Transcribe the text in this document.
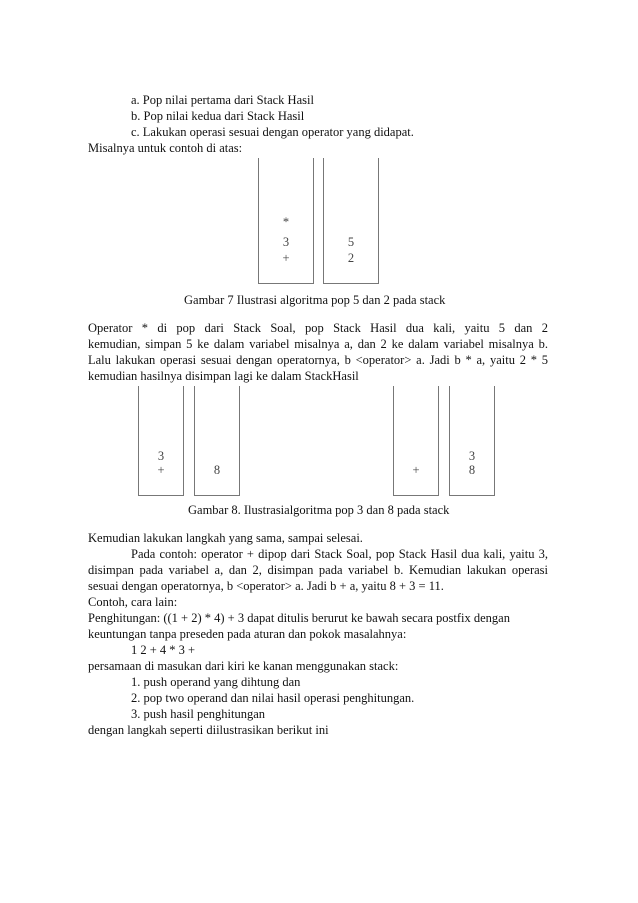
a. Pop nilai pertama dari Stack Hasil
b. Pop nilai kedua dari Stack Hasil
c. Lakukan operasi sesuai dengan operator yang didapat.
Misalnya untuk contoh di atas:
*
3
+
5
2
Gambar 7 Ilustrasi algoritma pop 5 dan 2 pada stack
Operator * di pop dari Stack Soal, pop Stack Hasil dua kali, yaitu 5 dan 2
kemudian, simpan 5 ke dalam variabel misalnya a, dan 2 ke dalam variabel misalnya b.
Lalu lakukan operasi sesuai dengan operatornya, b <operator> a. Jadi b * a, yaitu 2 * 5
kemudian hasilnya disimpan lagi ke dalam StackHasil
3
+	8	+
3
8
Gambar 8. Ilustrasialgoritma pop 3 dan 8 pada stack
Kemudian lakukan langkah yang sama, sampai selesai.
Pada contoh: operator + dipop dari Stack Soal, pop Stack Hasil dua kali, yaitu 3,
disimpan pada variabel a, dan 2, disimpan pada variabel b. Kemudian lakukan operasi
sesuai dengan operatornya, b <operator> a. Jadi b + a, yaitu 8 + 3 = 11.
Contoh, cara lain:
Penghitungan: ((1 + 2) * 4) + 3 dapat ditulis berurut ke bawah secara postfix dengan
keuntungan tanpa preseden pada aturan dan pokok masalahnya:
1 2 + 4 * 3 +
persamaan di masukan dari kiri ke kanan menggunakan stack:
1. push operand yang dihtung dan
2. pop two operand dan nilai hasil operasi penghitungan.
3. push hasil penghitungan
dengan langkah seperti diilustrasikan berikut ini
